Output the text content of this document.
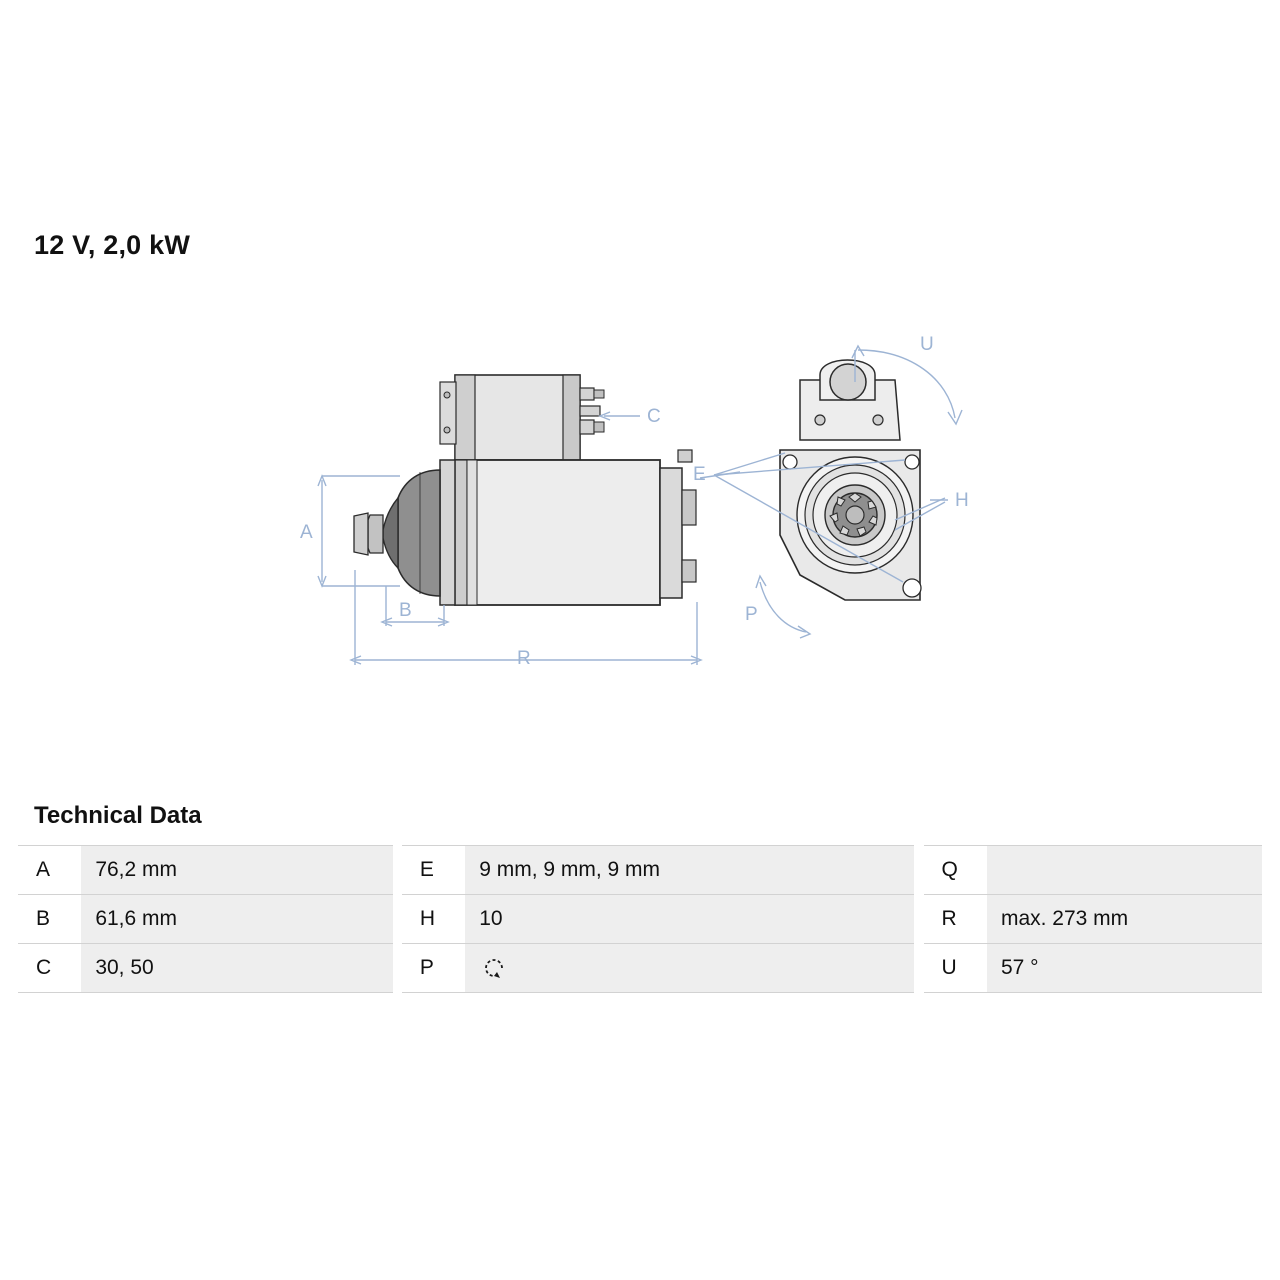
12 V, 2,0 kW
A
B
C
E
H
P
R
U
Technical Data
A	76,2 mm		E	9 mm, 9 mm, 9 mm		Q	
B	61,6 mm		H	10		R	max. 273 mm
C	30, 50		P			U	57 °
